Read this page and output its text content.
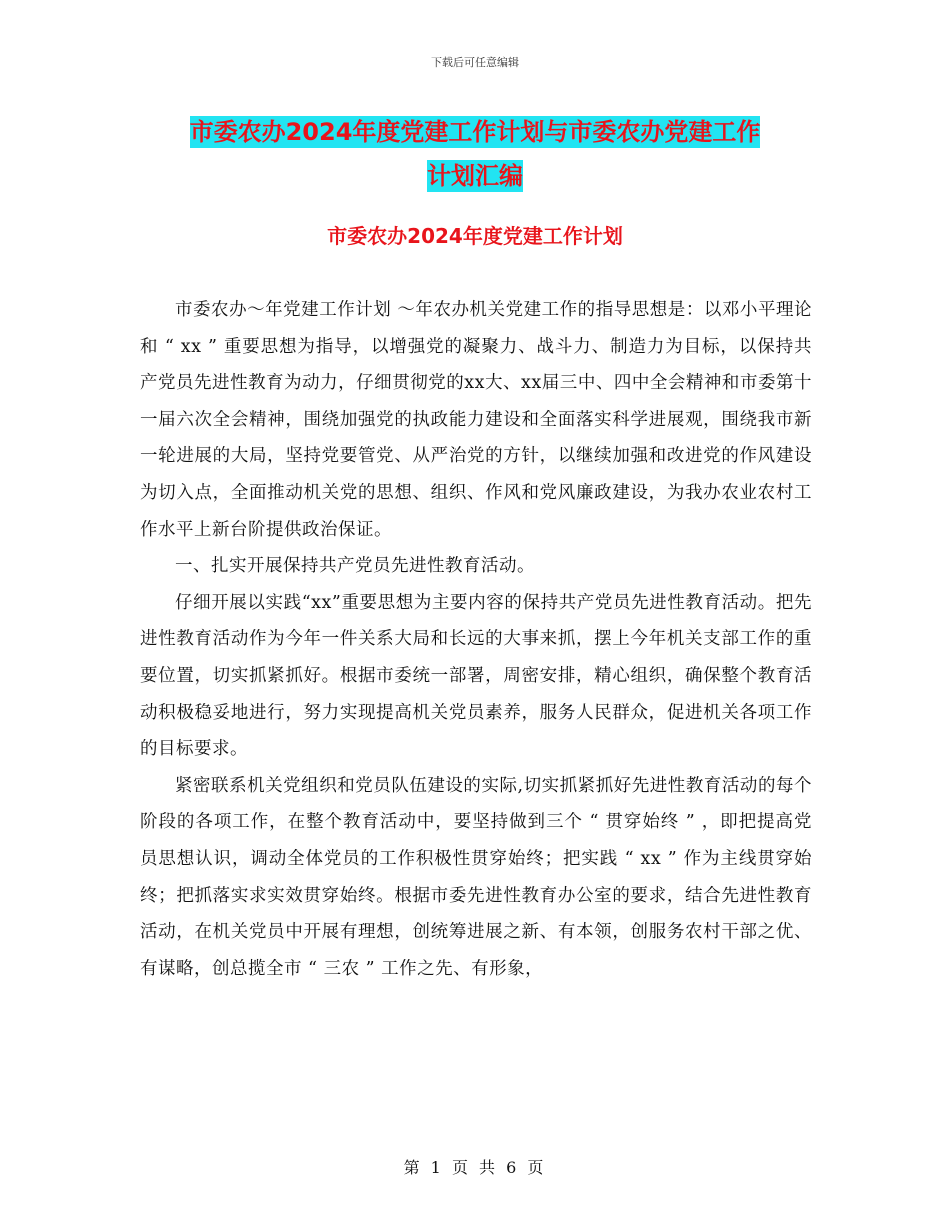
下载后可任意编辑
市委农办2024年度党建工作计划与市委农办党建工作
计划汇编
市委农办2024年度党建工作计划

市委农办～年党建工作计划 ～年农办机关党建工作的指导思想是：以邓小平理论和 “ xx ” 重要思想为指导，以增强党的凝聚力、战斗力、制造力为目标，以保持共产党员先进性教育为动力，仔细贯彻党的xx大、xx届三中、四中全会精神和市委第十一届六次全会精神，围绕加强党的执政能力建设和全面落实科学进展观，围绕我市新一轮进展的大局，坚持党要管党、从严治党的方针，以继续加强和改进党的作风建设为切入点，全面推动机关党的思想、组织、作风和党风廉政建设，为我办农业农村工作水平上新台阶提供政治保证。

一、扎实开展保持共产党员先进性教育活动。

仔细开展以实践“xx”重要思想为主要内容的保持共产党员先进性教育活动。把先进性教育活动作为今年一件关系大局和长远的大事来抓，摆上今年机关支部工作的重要位置，切实抓紧抓好。根据市委统一部署，周密安排，精心组织，确保整个教育活动积极稳妥地进行，努力实现提高机关党员素养，服务人民群众，促进机关各项工作的目标要求。

紧密联系机关党组织和党员队伍建设的实际,切实抓紧抓好先进性教育活动的每个阶段的各项工作，在整个教育活动中，要坚持做到三个 “ 贯穿始终 ” ，即把提高党员思想认识，调动全体党员的工作积极性贯穿始终；把实践 “ xx ” 作为主线贯穿始终；把抓落实求实效贯穿始终。根据市委先进性教育办公室的要求，结合先进性教育活动，在机关党员中开展有理想，创统筹进展之新、有本领，创服务农村干部之优、有谋略，创总揽全市 “ 三农 ” 工作之先、有形象，

第 1 页 共 6 页
